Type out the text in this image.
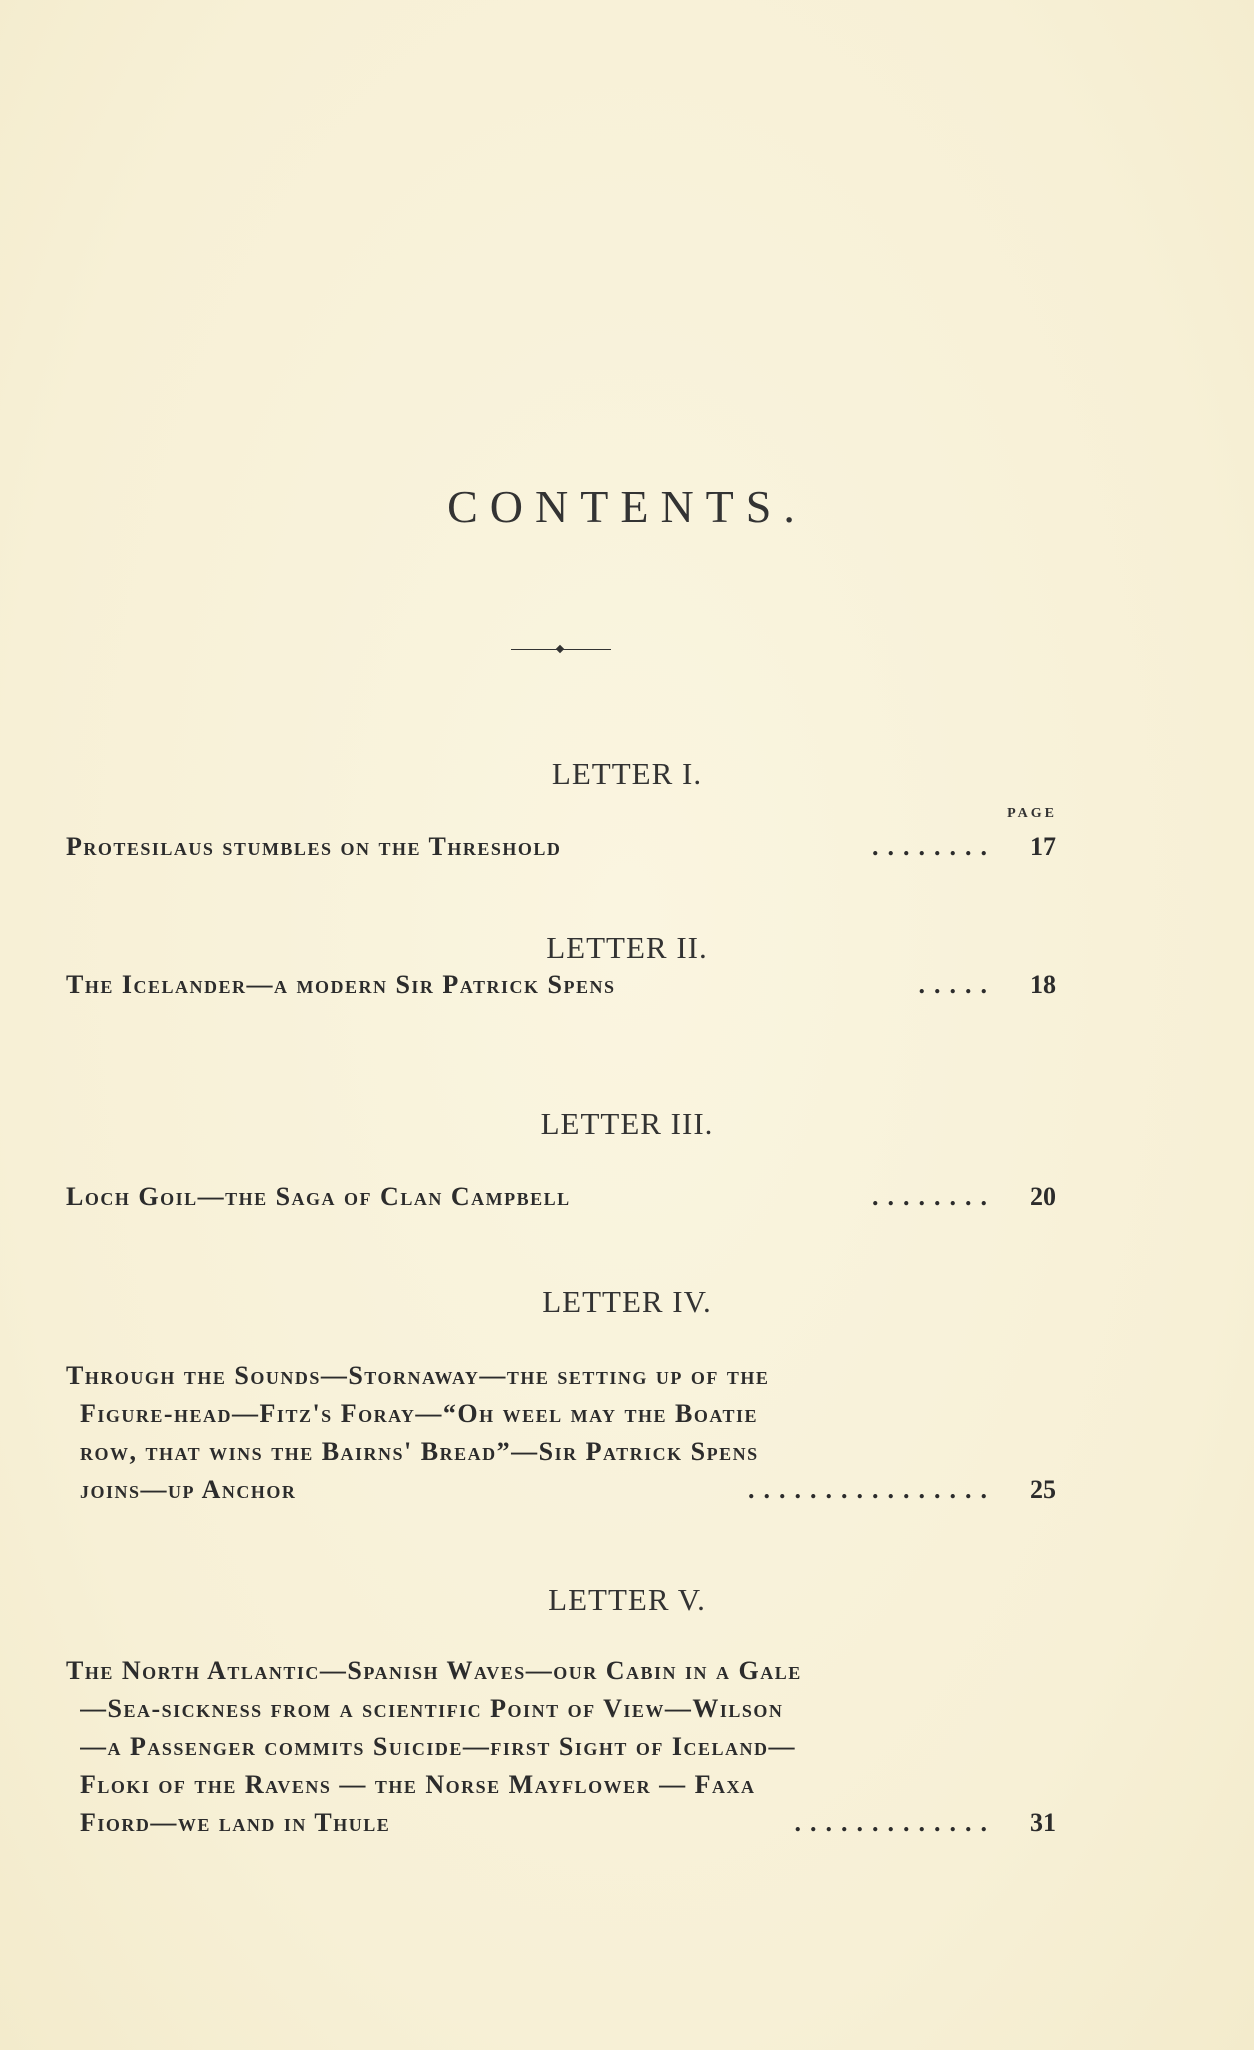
CONTENTS.
LETTER I.
PAGE
Protesilaus stumbles on the Threshold	........	17
LETTER II.
The Icelander—a modern Sir Patrick Spens	.....	18
LETTER III.
Loch Goil—the Saga of Clan Campbell	........	20
LETTER IV.
Through the Sounds—Stornaway—the setting up of the
Figure-head—Fitz's Foray—“Oh weel may the Boatie
row, that wins the Bairns' Bread”—Sir Patrick Spens
joins—up Anchor	................	25
LETTER V.
The North Atlantic—Spanish Waves—our Cabin in a Gale
—Sea-sickness from a scientific Point of View—Wilson
—a Passenger commits Suicide—first Sight of Iceland—
Floki of the Ravens — the Norse Mayflower — Faxa
Fiord—we land in Thule	.............	31
